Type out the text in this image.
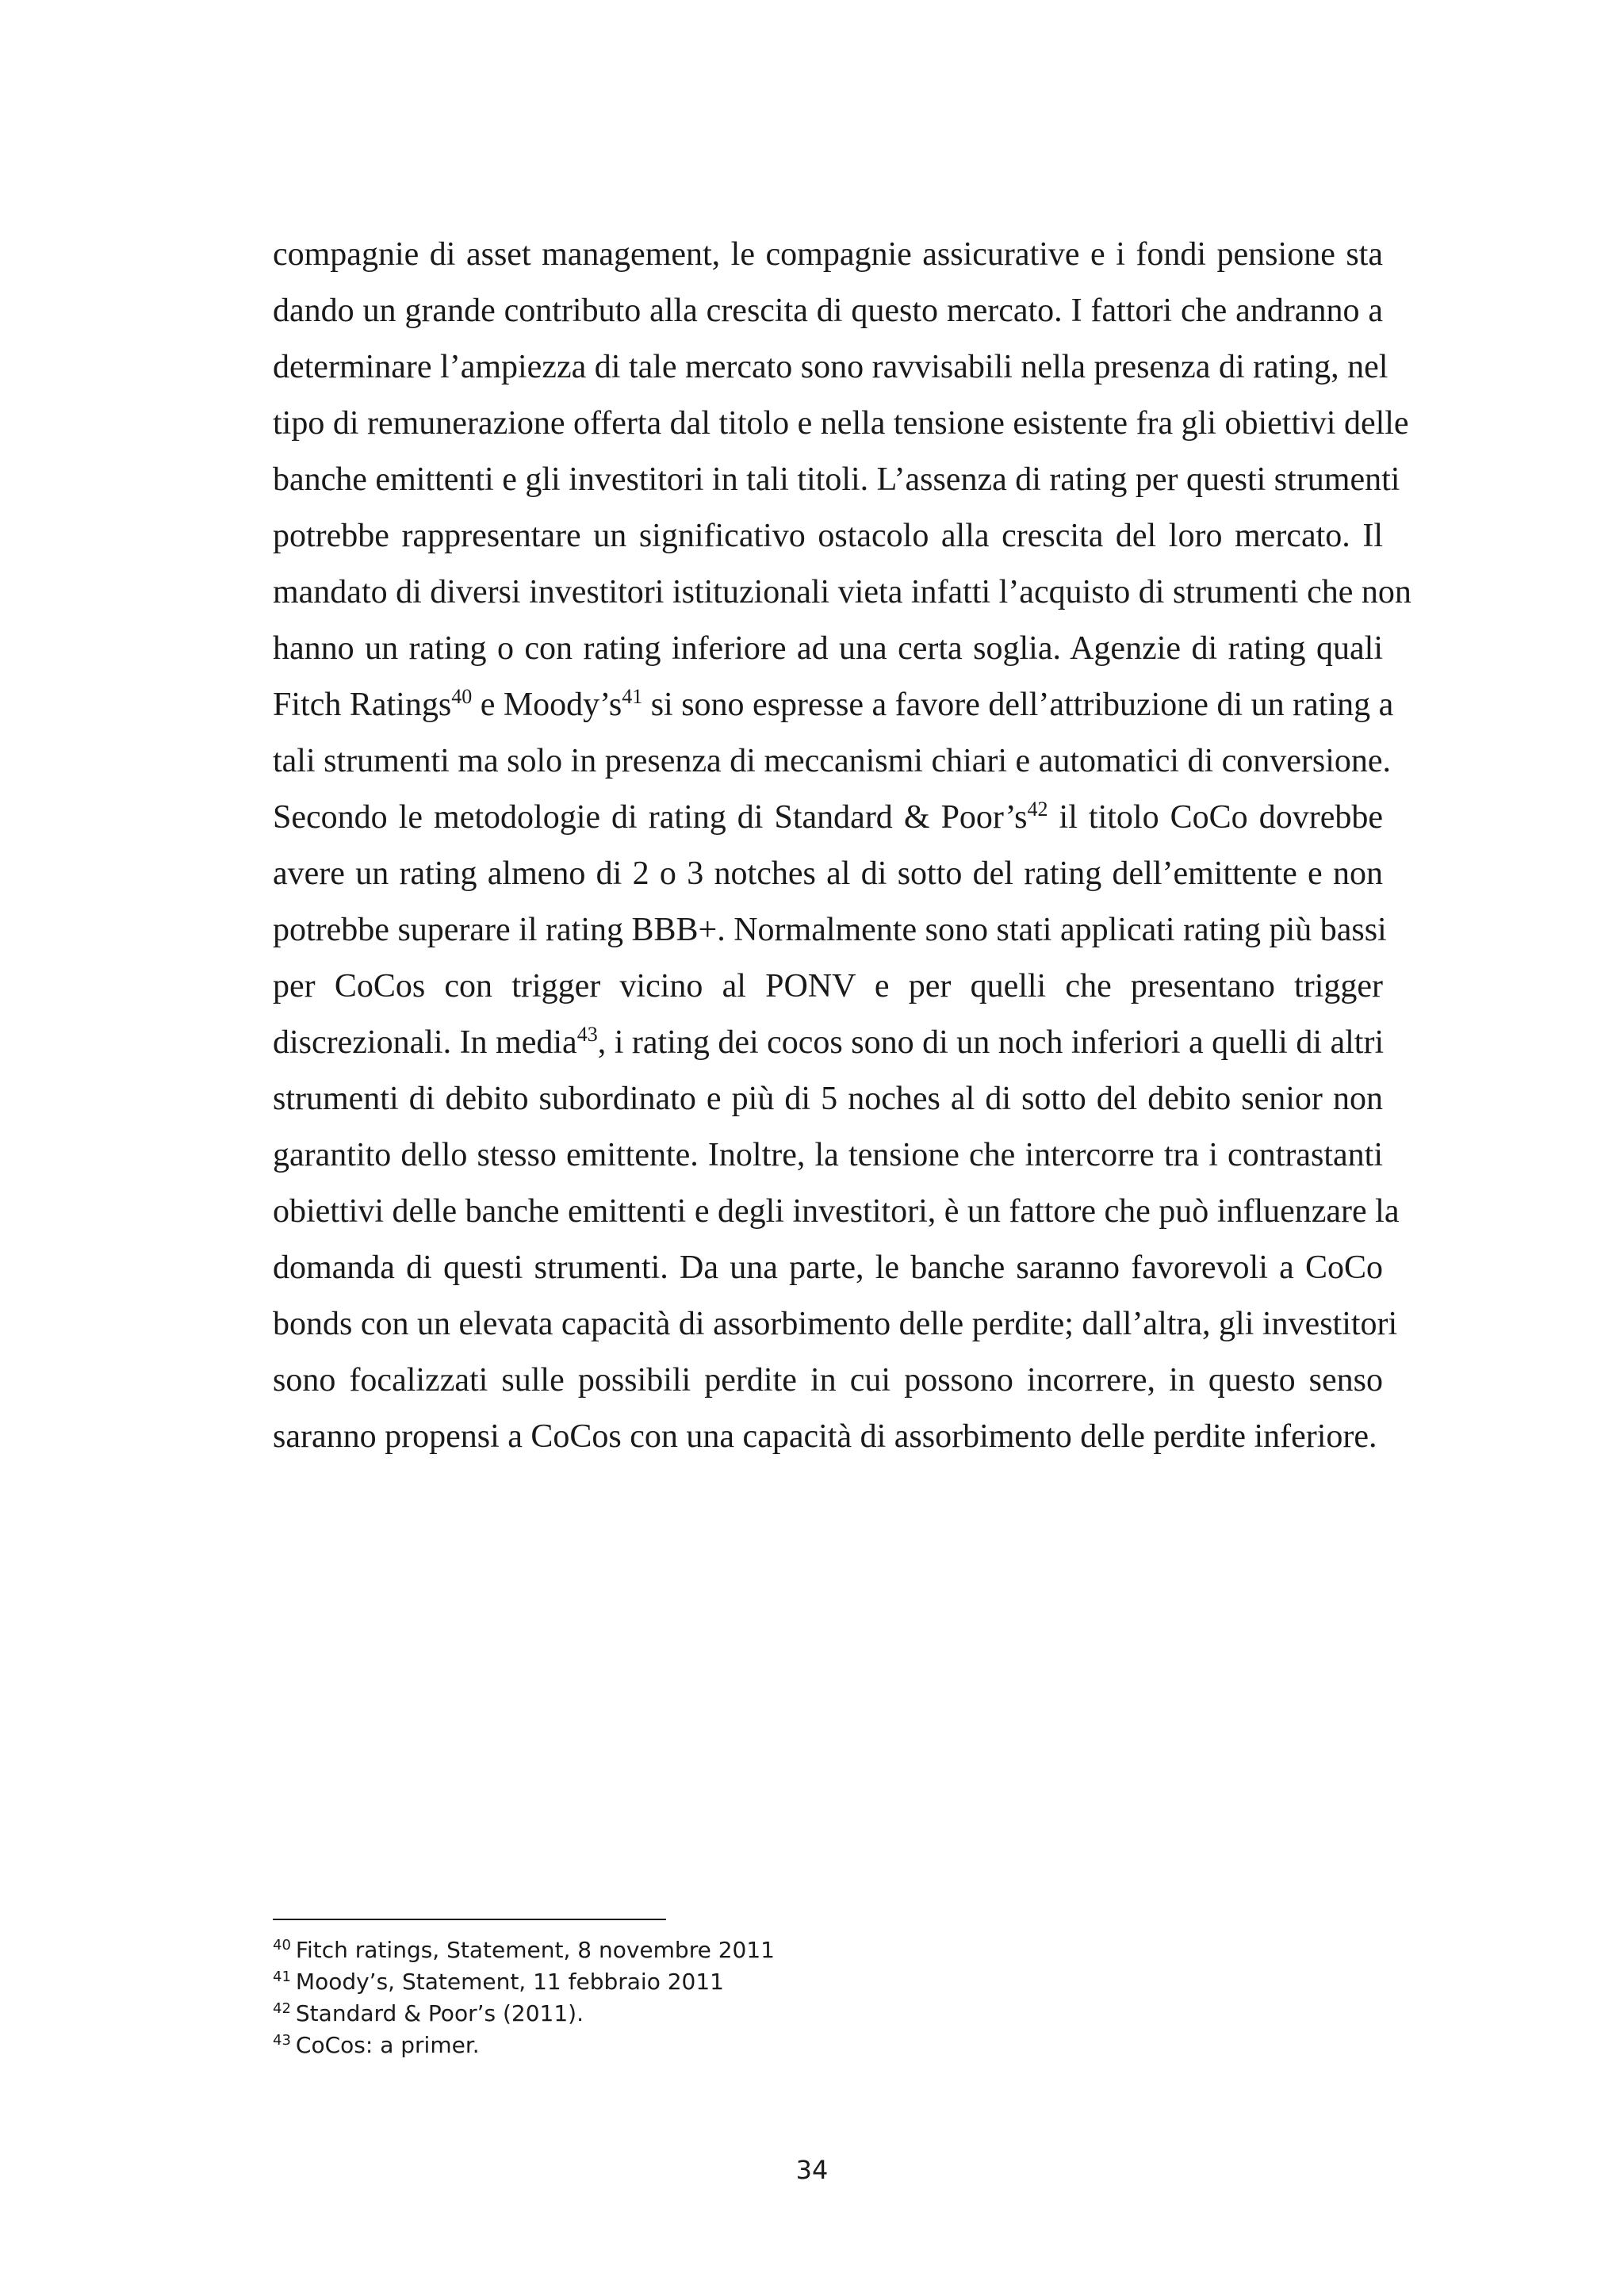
compagnie di asset management, le compagnie assicurative e i fondi pensione sta
dando un grande contributo alla crescita di questo mercato. I fattori che andranno a
determinare l’ampiezza di tale mercato sono ravvisabili nella presenza di rating, nel
tipo di remunerazione offerta dal titolo e nella tensione esistente fra gli obiettivi delle
banche emittenti e gli investitori in tali titoli. L’assenza di rating per questi strumenti
potrebbe rappresentare un significativo ostacolo alla crescita del loro mercato. Il
mandato di diversi investitori istituzionali vieta infatti l’acquisto di strumenti che non
hanno un rating o con rating inferiore ad una certa soglia. Agenzie di rating quali
Fitch Ratings$^{40}$ e $Moody’s^{41}$ si sono espresse a favore dell’attribuzione di un rating a
tali strumenti ma solo in presenza di meccanismi chiari e automatici di conversione.
Secondo le metodologie di rating di Standard & $Poor’s^{42}$ il titolo CoCo dovrebbe
avere un rating almeno di 2 o 3 notches al di sotto del rating dell’emittente e non
potrebbe superare il rating BBB+. Normalmente sono stati applicati rating più bassi
per CoCos con trigger vicino al PONV e per quelli che presentano trigger
discrezionali. In media$^{43}$, i rating dei cocos sono di un noch inferiori a quelli di altri
strumenti di debito subordinato e più di 5 noches al di sotto del debito senior non
garantito dello stesso emittente. Inoltre, la tensione che intercorre tra i contrastanti
obiettivi delle banche emittenti e degli investitori, è un fattore che può influenzare la
domanda di questi strumenti. Da una parte, le banche saranno favorevoli a CoCo
bonds con un elevata capacità di assorbimento delle perdite; dall’altra, gli investitori
sono focalizzati sulle possibili perdite in cui possono incorrere, in questo senso
saranno propensi a CoCos con una capacità di assorbimento delle perdite inferiore.
$^{40}$ Fitch ratings, Statement, 8 novembre 2011
$^{41}$ Moody’s, Statement, 11 febbraio 2011
$^{42}$ Standard & Poor’s (2011).
$^{43}$ CoCos: a primer.
34
